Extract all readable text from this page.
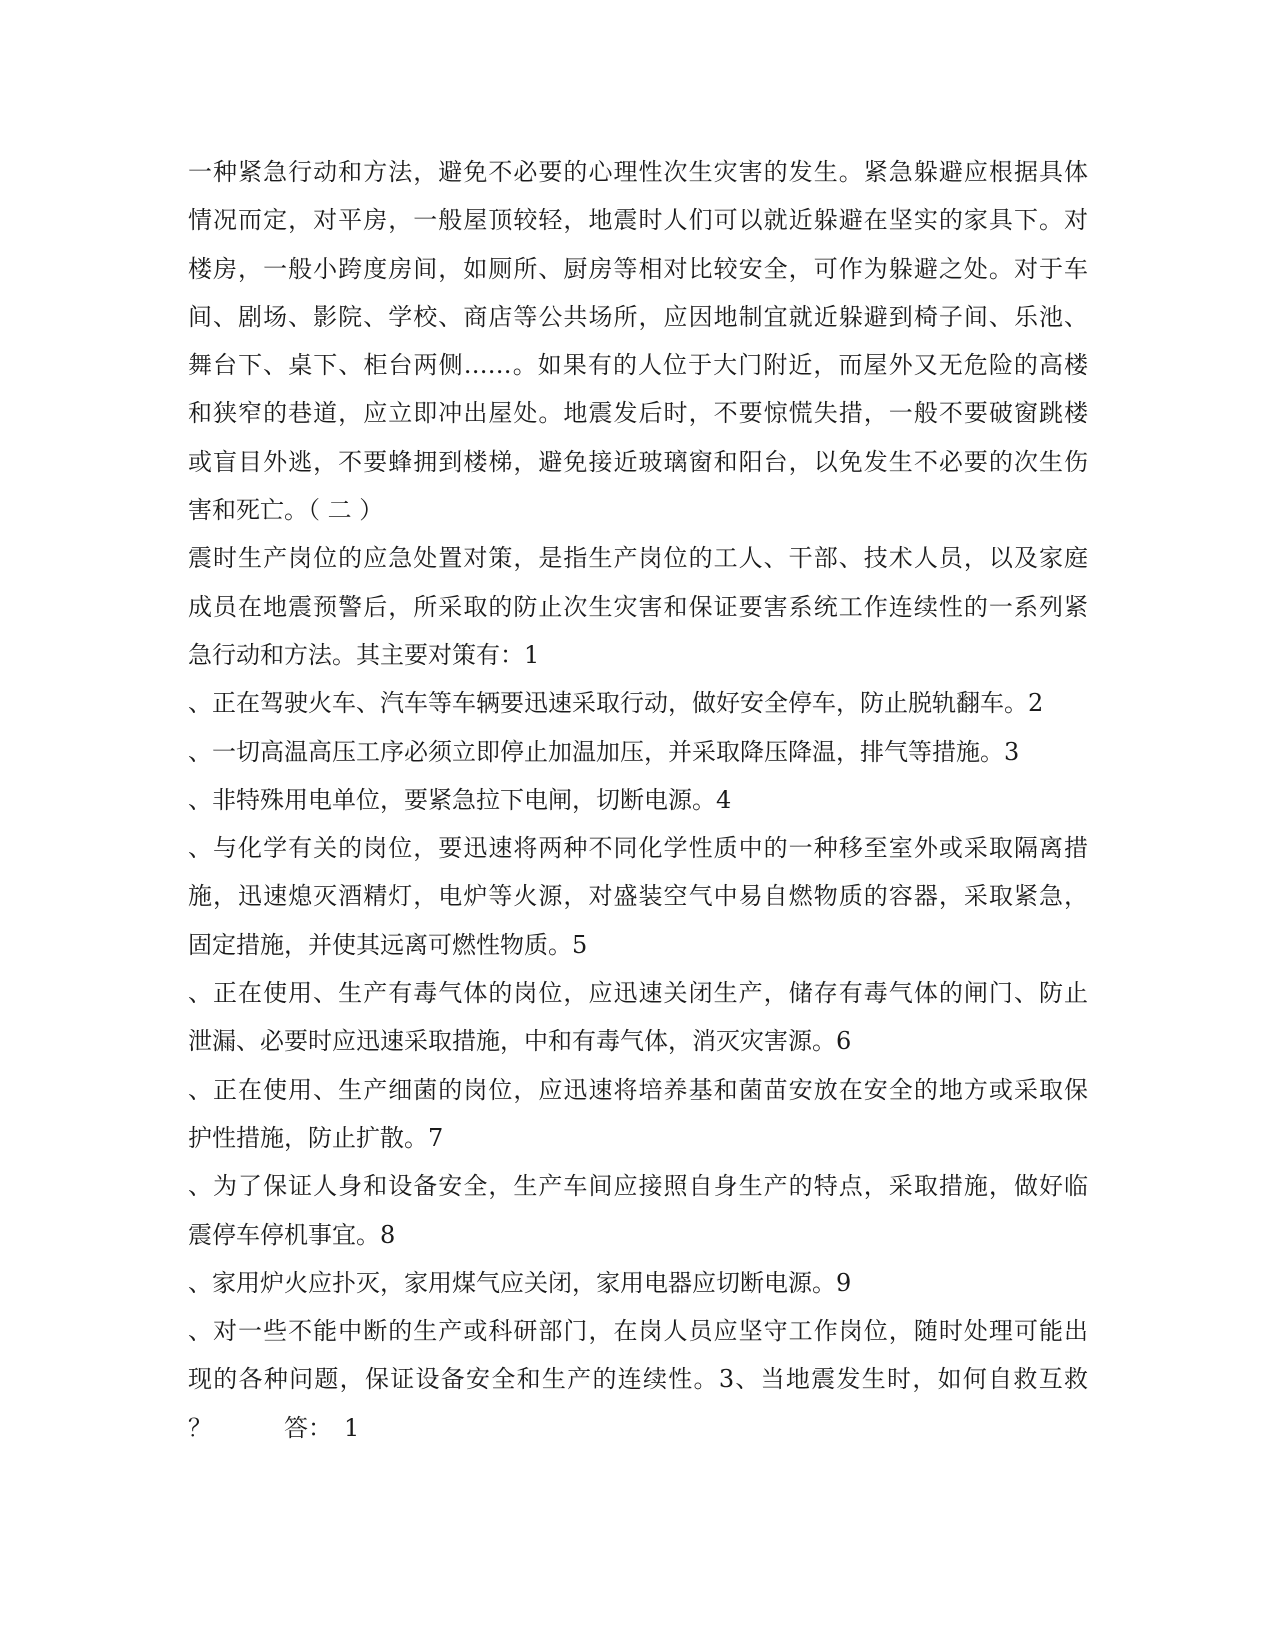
一种紧急行动和方法，避免不必要的心理性次生灾害的发生。紧急躲避应根据具体
情况而定，对平房，一般屋顶较轻，地震时人们可以就近躲避在坚实的家具下。对
楼房，一般小跨度房间，如厕所、厨房等相对比较安全，可作为躲避之处。对于车
间、剧场、影院、学校、商店等公共场所，应因地制宜就近躲避到椅子间、乐池、
舞台下、桌下、柜台两侧……。如果有的人位于大门附近，而屋外又无危险的高楼
和狭窄的巷道，应立即冲出屋处。地震发后时，不要惊慌失措，一般不要破窗跳楼
或盲目外逃，不要蜂拥到楼梯，避免接近玻璃窗和阳台，以免发生不必要的次生伤
害和死亡。（ 二 ）
震时生产岗位的应急处置对策，是指生产岗位的工人、干部、技术人员，以及家庭
成员在地震预警后，所采取的防止次生灾害和保证要害系统工作连续性的一系列紧
急行动和方法。其主要对策有：1
、正在驾驶火车、汽车等车辆要迅速采取行动，做好安全停车，防止脱轨翻车。2
、一切高温高压工序必须立即停止加温加压，并采取降压降温，排气等措施。3
、非特殊用电单位，要紧急拉下电闸，切断电源。4
、与化学有关的岗位，要迅速将两种不同化学性质中的一种移至室外或采取隔离措
施，迅速熄灭酒精灯，电炉等火源，对盛装空气中易自燃物质的容器，采取紧急，
固定措施，并使其远离可燃性物质。5
、正在使用、生产有毒气体的岗位，应迅速关闭生产，储存有毒气体的闸门、防止
泄漏、必要时应迅速采取措施，中和有毒气体，消灭灾害源。6
、正在使用、生产细菌的岗位，应迅速将培养基和菌苗安放在安全的地方或采取保
护性措施，防止扩散。7
、为了保证人身和设备安全，生产车间应接照自身生产的特点，采取措施，做好临
震停车停机事宜。8
、家用炉火应扑灭，家用煤气应关闭，家用电器应切断电源。9
、对一些不能中断的生产或科研部门，在岗人员应坚守工作岗位，随时处理可能出
现的各种问题，保证设备安全和生产的连续性。3、当地震发生时，如何自救互救
？　　　答：　1
